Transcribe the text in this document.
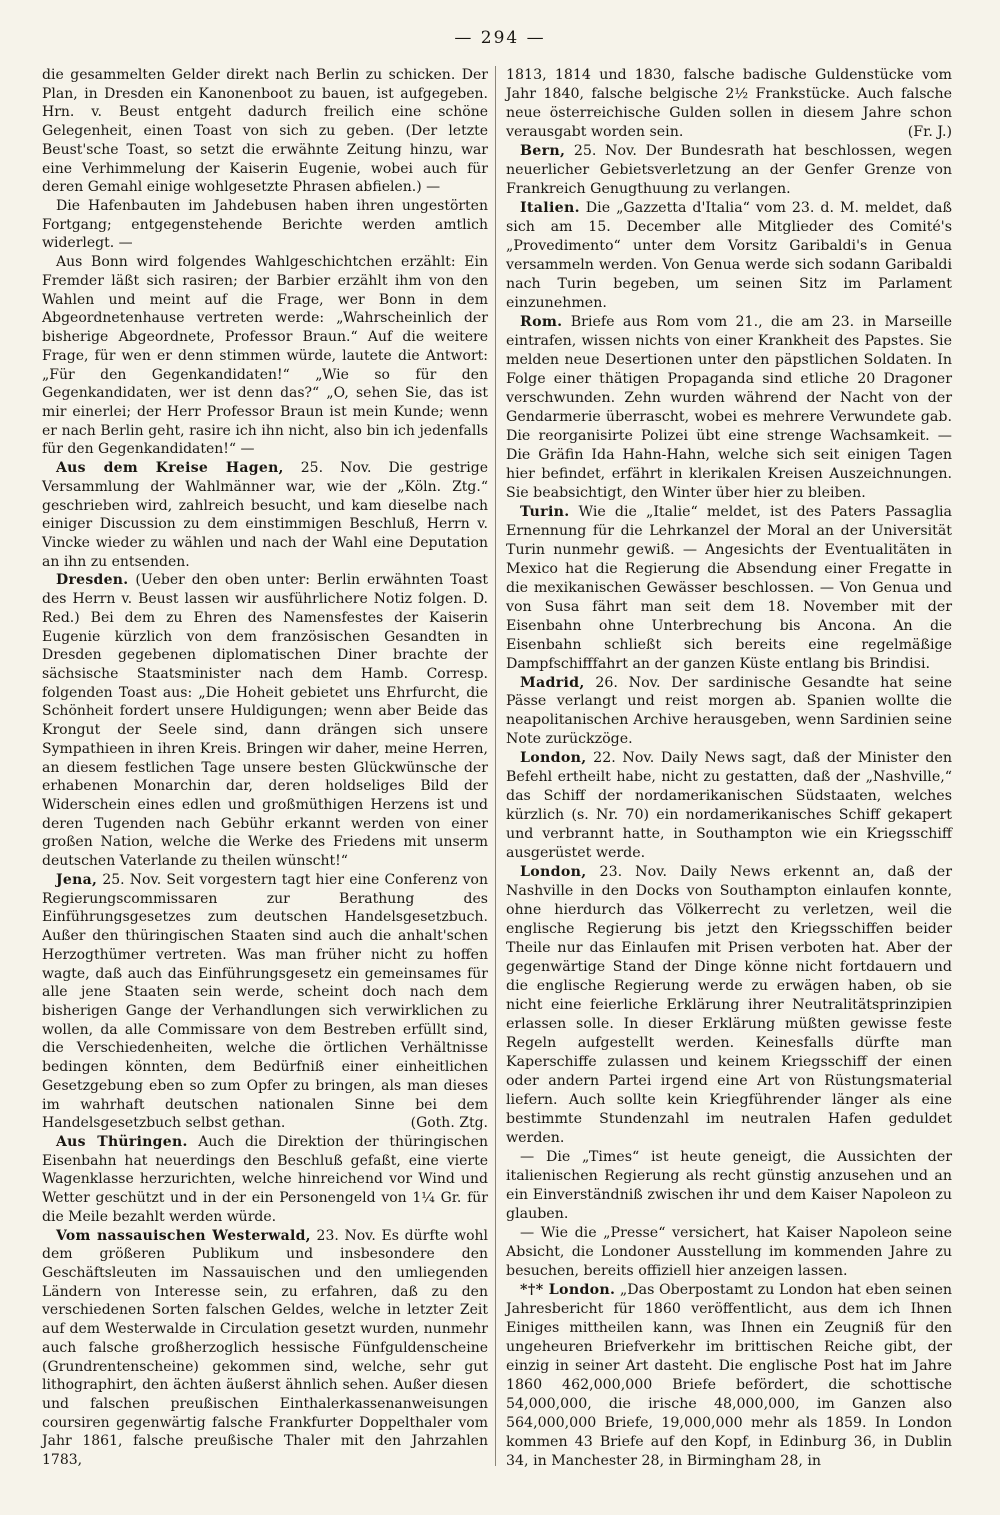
— 294 —

die gesammelten Gelder direkt nach Berlin zu schicken. Der Plan, in Dresden ein Kanonenboot zu bauen, ist aufgegeben. Hrn. v. Beust entgeht dadurch freilich eine schöne Gelegenheit, einen Toast von sich zu geben. (Der letzte Beust'sche Toast, so setzt die erwähnte Zeitung hinzu, war eine Verhimmelung der Kaiserin Eugenie, wobei auch für deren Gemahl einige wohlgesetzte Phrasen abfielen.) —

Die Hafenbauten im Jahdebusen haben ihren ungestörten Fortgang; entgegenstehende Berichte werden amtlich widerlegt. —

Aus Bonn wird folgendes Wahlgeschichtchen erzählt: Ein Fremder läßt sich rasiren; der Barbier erzählt ihm von den Wahlen und meint auf die Frage, wer Bonn in dem Abgeordnetenhause vertreten werde: „Wahrscheinlich der bisherige Abgeordnete, Professor Braun.“ Auf die weitere Frage, für wen er denn stimmen würde, lautete die Antwort: „Für den Gegenkandidaten!“ „Wie so für den Gegenkandidaten, wer ist denn das?“ „O, sehen Sie, das ist mir einerlei; der Herr Professor Braun ist mein Kunde; wenn er nach Berlin geht, rasire ich ihn nicht, also bin ich jedenfalls für den Gegenkandidaten!“ —

Aus dem Kreise Hagen, 25. Nov. Die gestrige Versammlung der Wahlmänner war, wie der „Köln. Ztg.“ geschrieben wird, zahlreich besucht, und kam dieselbe nach einiger Discussion zu dem einstimmigen Beschluß, Herrn v. Vincke wieder zu wählen und nach der Wahl eine Deputation an ihn zu entsenden.

Dresden. (Ueber den oben unter: Berlin erwähnten Toast des Herrn v. Beust lassen wir ausführlichere Notiz folgen. D. Red.) Bei dem zu Ehren des Namensfestes der Kaiserin Eugenie kürzlich von dem französischen Gesandten in Dresden gegebenen diplomatischen Diner brachte der sächsische Staatsminister nach dem Hamb. Corresp. folgenden Toast aus: „Die Hoheit gebietet uns Ehrfurcht, die Schönheit fordert unsere Huldigungen; wenn aber Beide das Krongut der Seele sind, dann drängen sich unsere Sympathieen in ihren Kreis. Bringen wir daher, meine Herren, an diesem festlichen Tage unsere besten Glückwünsche der erhabenen Monarchin dar, deren holdseliges Bild der Widerschein eines edlen und großmüthigen Herzens ist und deren Tugenden nach Gebühr erkannt werden von einer großen Nation, welche die Werke des Friedens mit unserm deutschen Vaterlande zu theilen wünscht!“

Jena, 25. Nov. Seit vorgestern tagt hier eine Conferenz von Regierungscommissaren zur Berathung des Einführungsgesetzes zum deutschen Handelsgesetzbuch. Außer den thüringischen Staaten sind auch die anhalt'schen Herzogthümer vertreten. Was man früher nicht zu hoffen wagte, daß auch das Einführungsgesetz ein gemeinsames für alle jene Staaten sein werde, scheint doch nach dem bisherigen Gange der Verhandlungen sich verwirklichen zu wollen, da alle Commissare von dem Bestreben erfüllt sind, die Verschiedenheiten, welche die örtlichen Verhältnisse bedingen könnten, dem Bedürfniß einer einheitlichen Gesetzgebung eben so zum Opfer zu bringen, als man dieses im wahrhaft deutschen nationalen Sinne bei dem Handelsgesetzbuch selbst gethan.	(Goth. Ztg.

Aus Thüringen. Auch die Direktion der thüringischen Eisenbahn hat neuerdings den Beschluß gefaßt, eine vierte Wagenklasse herzurichten, welche hinreichend vor Wind und Wetter geschützt und in der ein Personengeld von 1¼ Gr. für die Meile bezahlt werden würde.

Vom nassauischen Westerwald, 23. Nov. Es dürfte wohl dem größeren Publikum und insbesondere den Geschäftsleuten im Nassauischen und den umliegenden Ländern von Interesse sein, zu erfahren, daß zu den verschiedenen Sorten falschen Geldes, welche in letzter Zeit auf dem Westerwalde in Circulation gesetzt wurden, nunmehr auch falsche großherzoglich hessische Fünfguldenscheine (Grundrentenscheine) gekommen sind, welche, sehr gut lithographirt, den ächten äußerst ähnlich sehen. Außer diesen und falschen preußischen Einthalerkassenanweisungen coursiren gegenwärtig falsche Frankfurter Doppelthaler vom Jahr 1861, falsche preußische Thaler mit den Jahrzahlen 1783,

1813, 1814 und 1830, falsche badische Guldenstücke vom Jahr 1840, falsche belgische 2½ Frankstücke. Auch falsche neue österreichische Gulden sollen in diesem Jahre schon verausgabt worden sein.	(Fr. J.)

Bern, 25. Nov. Der Bundesrath hat beschlossen, wegen neuerlicher Gebietsverletzung an der Genfer Grenze von Frankreich Genugthuung zu verlangen.

Italien. Die „Gazzetta d'Italia“ vom 23. d. M. meldet, daß sich am 15. December alle Mitglieder des Comité's „Provedimento“ unter dem Vorsitz Garibaldi's in Genua versammeln werden. Von Genua werde sich sodann Garibaldi nach Turin begeben, um seinen Sitz im Parlament einzunehmen.

Rom. Briefe aus Rom vom 21., die am 23. in Marseille eintrafen, wissen nichts von einer Krankheit des Papstes. Sie melden neue Desertionen unter den päpstlichen Soldaten. In Folge einer thätigen Propaganda sind etliche 20 Dragoner verschwunden. Zehn wurden während der Nacht von der Gendarmerie überrascht, wobei es mehrere Verwundete gab. Die reorganisirte Polizei übt eine strenge Wachsamkeit. — Die Gräfin Ida Hahn-Hahn, welche sich seit einigen Tagen hier befindet, erfährt in klerikalen Kreisen Auszeichnungen. Sie beabsichtigt, den Winter über hier zu bleiben.

Turin. Wie die „Italie“ meldet, ist des Paters Passaglia Ernennung für die Lehrkanzel der Moral an der Universität Turin nunmehr gewiß. — Angesichts der Eventualitäten in Mexico hat die Regierung die Absendung einer Fregatte in die mexikanischen Gewässer beschlossen. — Von Genua und von Susa fährt man seit dem 18. November mit der Eisenbahn ohne Unterbrechung bis Ancona. An die Eisenbahn schließt sich bereits eine regelmäßige Dampfschifffahrt an der ganzen Küste entlang bis Brindisi.

Madrid, 26. Nov. Der sardinische Gesandte hat seine Pässe verlangt und reist morgen ab. Spanien wollte die neapolitanischen Archive herausgeben, wenn Sardinien seine Note zurückzöge.

London, 22. Nov. Daily News sagt, daß der Minister den Befehl ertheilt habe, nicht zu gestatten, daß der „Nashville,“ das Schiff der nordamerikanischen Südstaaten, welches kürzlich (s. Nr. 70) ein nordamerikanisches Schiff gekapert und verbrannt hatte, in Southampton wie ein Kriegsschiff ausgerüstet werde.

London, 23. Nov. Daily News erkennt an, daß der Nashville in den Docks von Southampton einlaufen konnte, ohne hierdurch das Völkerrecht zu verletzen, weil die englische Regierung bis jetzt den Kriegsschiffen beider Theile nur das Einlaufen mit Prisen verboten hat. Aber der gegenwärtige Stand der Dinge könne nicht fortdauern und die englische Regierung werde zu erwägen haben, ob sie nicht eine feierliche Erklärung ihrer Neutralitätsprinzipien erlassen solle. In dieser Erklärung müßten gewisse feste Regeln aufgestellt werden. Keinesfalls dürfte man Kaperschiffe zulassen und keinem Kriegsschiff der einen oder andern Partei irgend eine Art von Rüstungsmaterial liefern. Auch sollte kein Kriegführender länger als eine bestimmte Stundenzahl im neutralen Hafen geduldet werden.

— Die „Times“ ist heute geneigt, die Aussichten der italienischen Regierung als recht günstig anzusehen und an ein Einverständniß zwischen ihr und dem Kaiser Napoleon zu glauben.

— Wie die „Presse“ versichert, hat Kaiser Napoleon seine Absicht, die Londoner Ausstellung im kommenden Jahre zu besuchen, bereits offiziell hier anzeigen lassen.

*†* London. „Das Oberpostamt zu London hat eben seinen Jahresbericht für 1860 veröffentlicht, aus dem ich Ihnen Einiges mittheilen kann, was Ihnen ein Zeugniß für den ungeheuren Briefverkehr im brittischen Reiche gibt, der einzig in seiner Art dasteht. Die englische Post hat im Jahre 1860 462,000,000 Briefe befördert, die schottische 54,000,000, die irische 48,000,000, im Ganzen also 564,000,000 Briefe, 19,000,000 mehr als 1859. In London kommen 43 Briefe auf den Kopf, in Edinburg 36, in Dublin 34, in Manchester 28, in Birmingham 28, in
